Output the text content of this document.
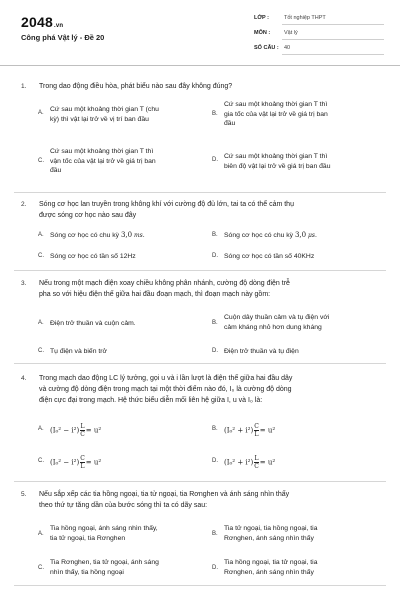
2048.vn
Công phá Vật lý - Đề 20
LỚP :	Tốt nghiệp THPT
MÔN :	Vật lý
SỐ CÂU : 40
1. Trong dao động điều hòa, phát biểu nào sau đây không đúng?
A. Cứ sau một khoảng thời gian T (chu
kỳ) thì vật lại trở về vị trí ban đầu
B.
Cứ sau một khoảng thời gian T thì
gia tốc của vật lại trở về giá trị ban
đầu
C.
Cứ sau một khoảng thời gian T thì
vận tốc của vật lại trở về giá trị ban
đầu
D. Cứ sau một khoảng thời gian T thì
biên độ vật lại trở về giá trị ban đầu
2. Sóng cơ học lan truyền trong không khí với cường độ đủ lớn, tai ta có thể cảm thụ
được sóng cơ học nào sau đây
A. Sóng cơ học có chu kỳ 3,0 ms.	B. Sóng cơ học có chu kỳ 3,0 μs.
C. Sóng cơ học có tần số 12Hz	D. Sóng cơ học có tần số 40KHz
3. Nếu trong một mạch điện xoay chiều không phân nhánh, cường độ dòng điện trễ
pha so với hiệu điện thế giữa hai đầu đoạn mạch, thì đoạn mạch này gồm:
A. Điện trở thuần và cuộn cảm.	B.
Cuộn dây thuần cảm và tụ điện với
cảm kháng nhỏ hơn dung kháng
C. Tụ điện và biến trở	D. Điện trở thuần và tụ điện
4. Trong mạch dao động LC lý tưởng, gọi u và i lần lượt là điện thế giữa hai đầu dây
và cường độ dòng điện trong mạch tại một thời điểm nào đó, I₀ là cường độ dòng
điện cực đại trong mạch. Hệ thức biểu diễn mối liên hệ giữa I, u và I₀ là:
A. $(I_0^2 - i^2) \frac{L}{C} = u^2$	B. $(I_0^2 + i^2) \frac{C}{L} = u^2$
C. $(I_0^2 - i^2) \frac{C}{L} = u^2$	D. $(I_0^2 + i^2) \frac{L}{C} = u^2$
5. Nếu sắp xếp các tia hồng ngoại, tia tử ngoại, tia Rơnghen và ánh sáng nhìn thấy
theo thứ tự tăng dần của bước sóng thì ta có dãy sau:
A.
Tia hồng ngoại, ánh sáng nhìn thấy,
tia tử ngoại, tia Rơnghen
B.
Tia tử ngoại, tia hồng ngoại, tia
Rơnghen, ánh sáng nhìn thấy
C.
Tia Rơnghen, tia tử ngoại, ánh sáng
nhìn thấy, tia hồng ngoại
D.
Tia hồng ngoại, tia tử ngoại, tia
Rơnghen, ánh sáng nhìn thấy
